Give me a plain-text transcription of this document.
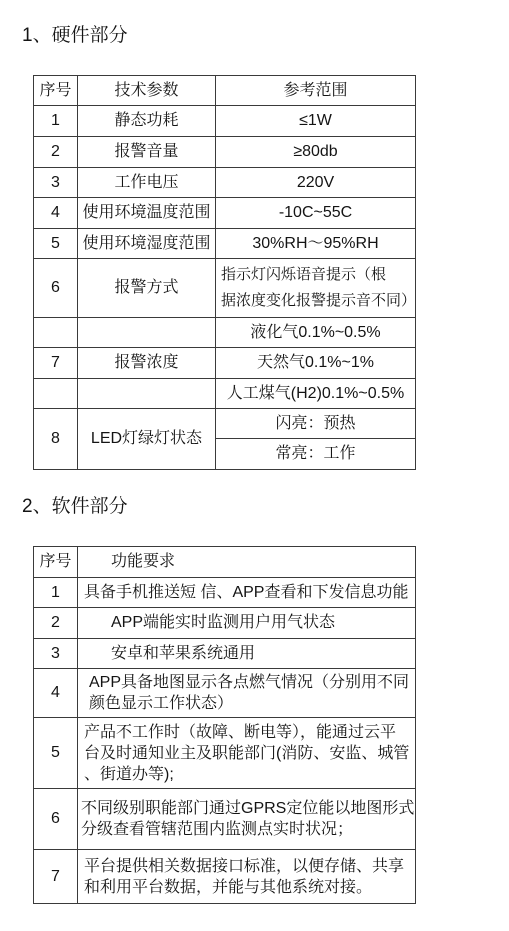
1、硬件部分
序号	技术参数	参考范围
1	静态功耗	≤1W
2	报警音量	≥80db
3	工作电压	220V
4	使用环境温度范围	-10C~55C
5	使用环境湿度范围	30%RH～95%RH
6	报警方式	指示灯闪烁语音提示（根
据浓度变化报警提示音不同）

		液化气0.1%~0.5%
7	报警浓度	天然气0.1%~1%
		人工煤气(H2)0.1%~0.5%
8	LED灯绿灯状态	闪亮：预热
		常亮：工作
2、软件部分
序号	功能要求
1	具备手机推送短 信、APP查看和下发信息功能

2	APP端能实时监测用户用气状态

3	安卓和苹果系统通用

4	APP具备地图显示各点燃气情况（分别用不同
颜色显示工作状态）

5	产品不工作时（故障、断电等），能通过云平
台及时通知业主及职能部门(消防、安监、城管
、街道办等);

6	不同级别职能部门通过GPRS定位能以地图形式
分级查看管辖范围内监测点实时状况；

7	平台提供相关数据接口标准，以便存储、共享
和利用平台数据，并能与其他系统对接。
